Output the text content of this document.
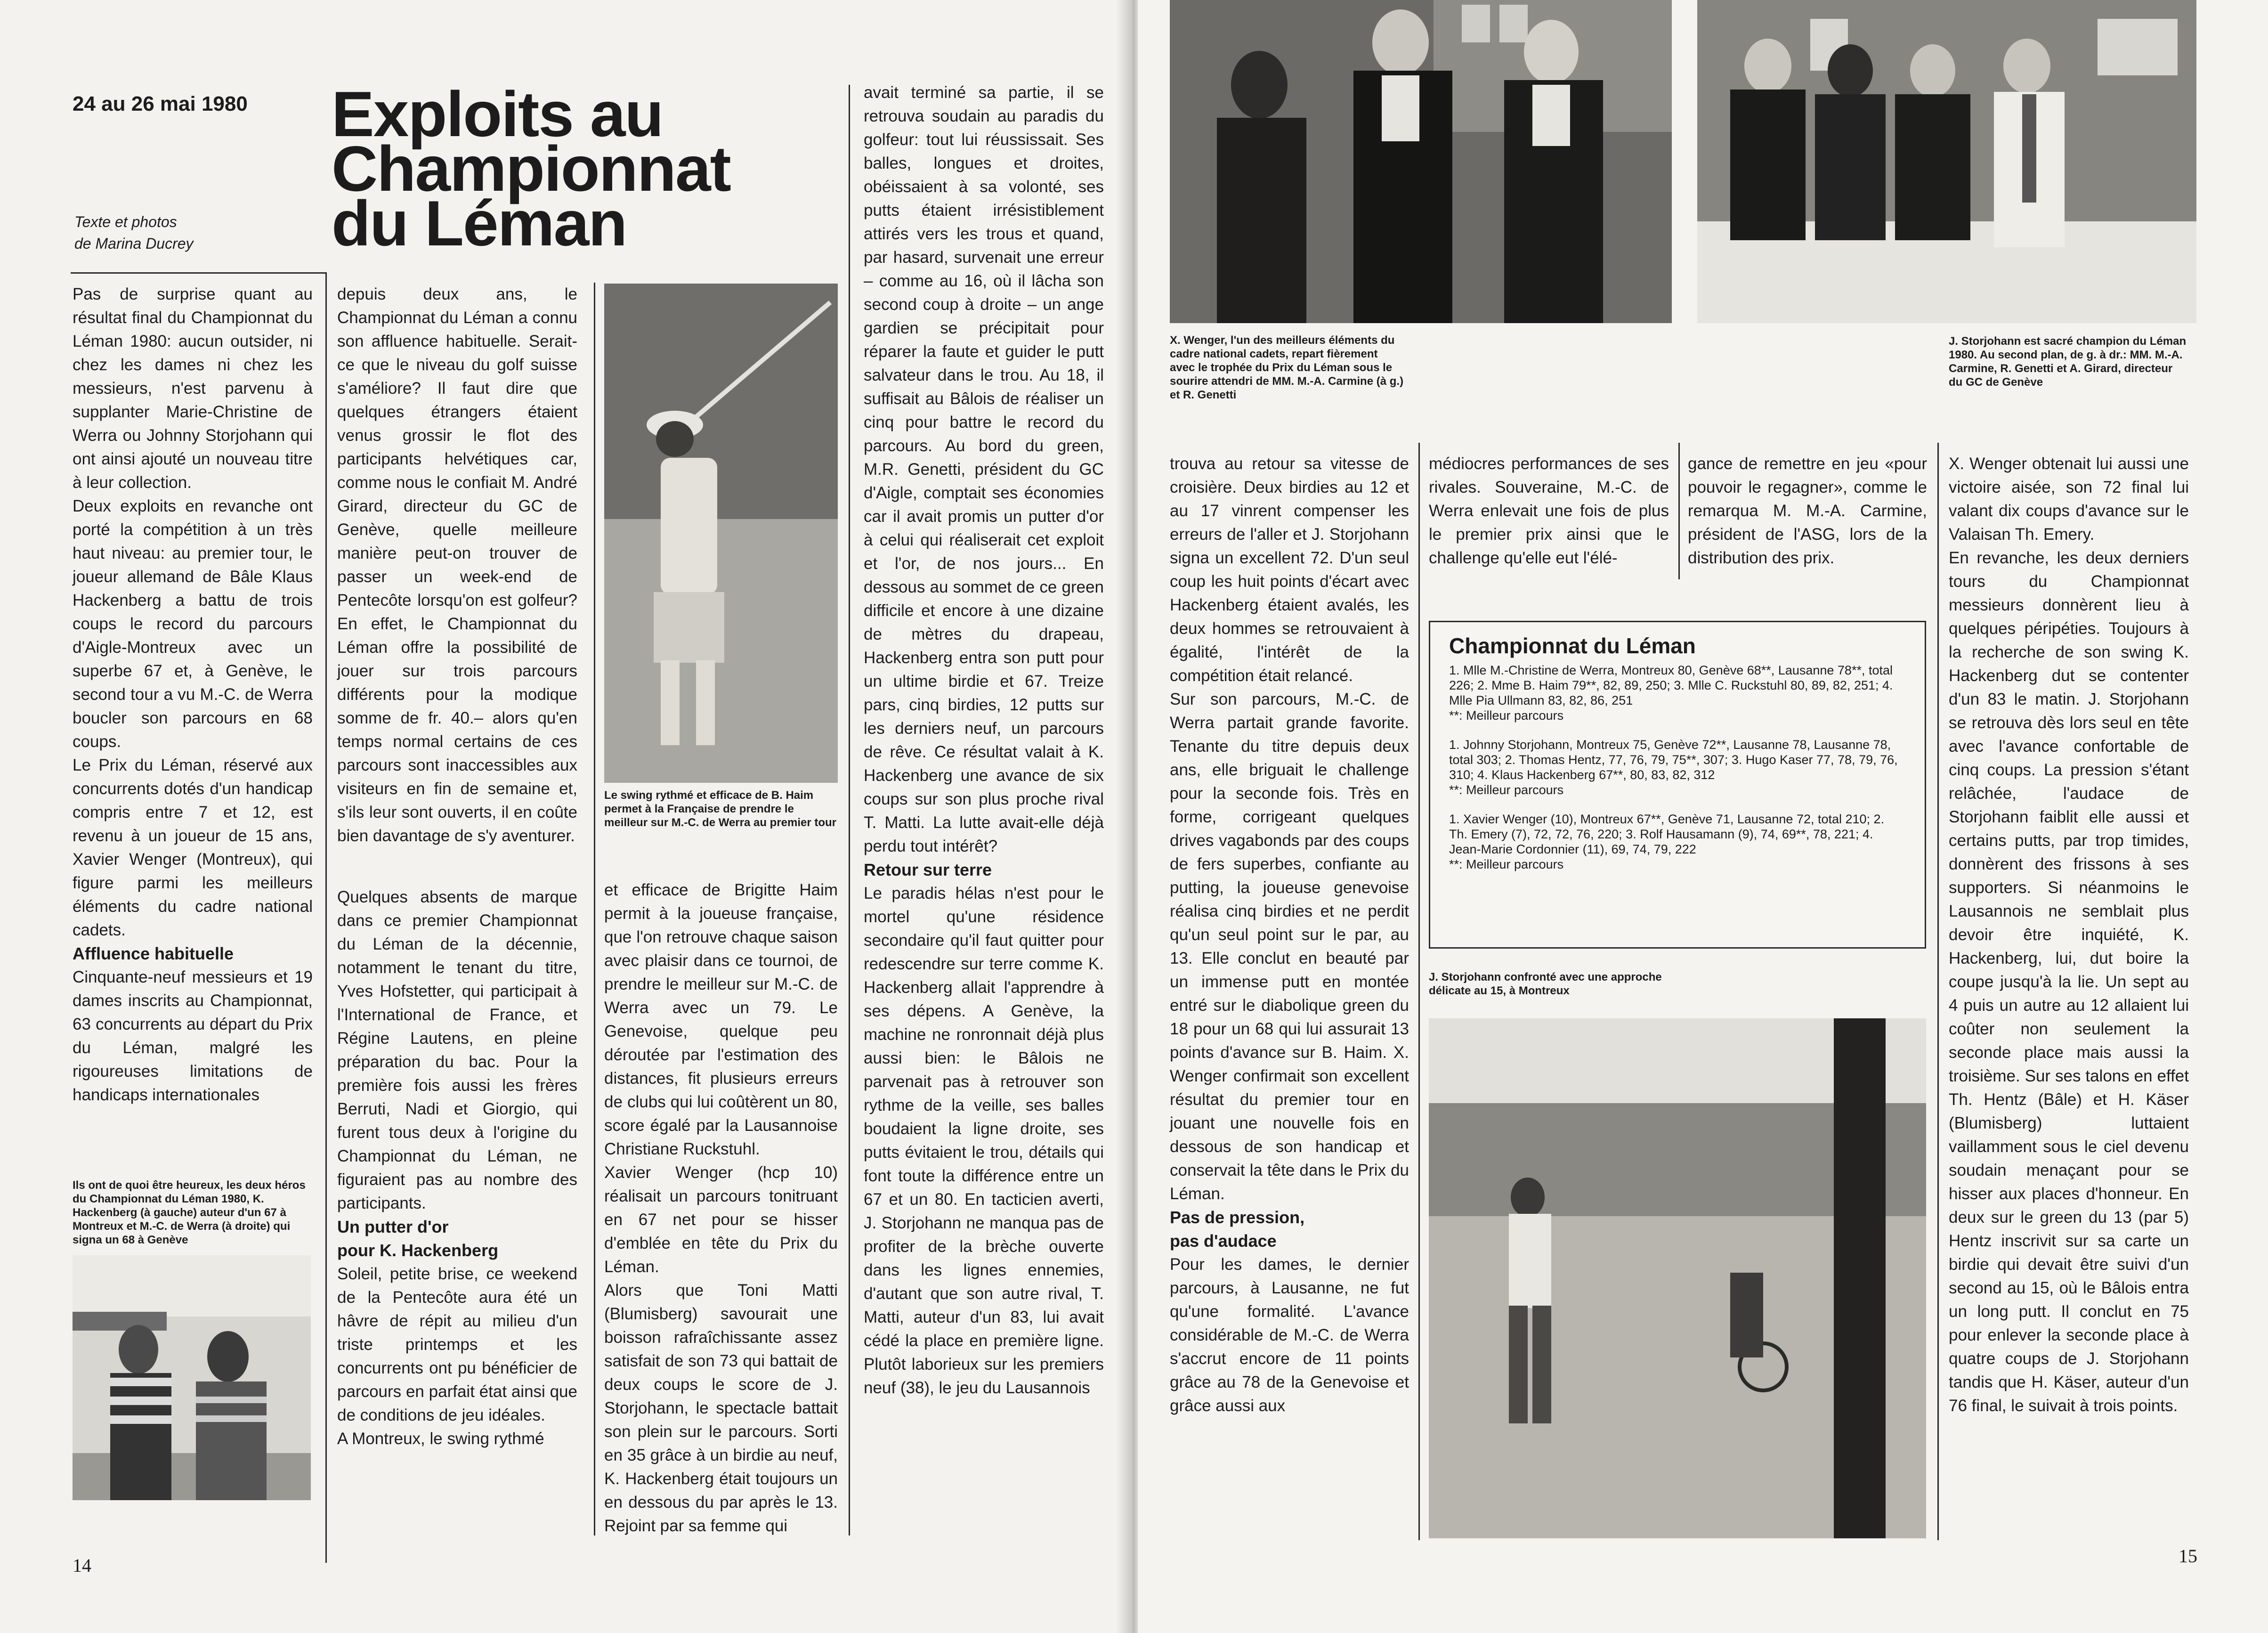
24 au 26 mai 1980 Exploits au
Championnat
du Léman
Texte et photos
de Marina Ducrey

Pas de surprise quant au résultat final du Championnat du Léman 1980: aucun outsider, ni chez les dames ni chez les messieurs, n'est parvenu à supplanter Marie-Christine de Werra ou Johnny Storjohann qui ont ainsi ajouté un nouveau titre à leur collection.

Deux exploits en revanche ont porté la compétition à un très haut niveau: au premier tour, le joueur allemand de Bâle Klaus Hackenberg a battu de trois coups le record du parcours d'Aigle-Montreux avec un superbe 67 et, à Genève, le second tour a vu M.-C. de Werra boucler son parcours en 68 coups.

Le Prix du Léman, réservé aux concurrents dotés d'un handicap compris entre 7 et 12, est revenu à un joueur de 15 ans, Xavier Wenger (Montreux), qui figure parmi les meilleurs éléments du cadre national cadets.

Affluence habituelle

Cinquante-neuf messieurs et 19 dames inscrits au Championnat, 63 concurrents au départ du Prix du Léman, malgré les rigoureuses limitations de handicaps internationales

Ils ont de quoi être heureux, les deux héros du Championnat du Léman 1980, K. Hackenberg (à gauche) auteur d'un 67 à Montreux et M.-C. de Werra (à droite) qui signa un 68 à Genève

depuis deux ans, le Championnat du Léman a connu son affluence habituelle. Serait-ce que le niveau du golf suisse s'améliore? Il faut dire que quelques étrangers étaient venus grossir le flot des participants helvétiques car, comme nous le confiait M. André Girard, directeur du GC de Genève, quelle meilleure manière peut-on trouver de passer un week-end de Pentecôte lorsqu'on est golfeur? En effet, le Championnat du Léman offre la possibilité de jouer sur trois parcours différents pour la modique somme de fr. 40.– alors qu'en temps normal certains de ces parcours sont inaccessibles aux visiteurs en fin de semaine et, s'ils leur sont ouverts, il en coûte bien davantage de s'y aventurer.

Quelques absents de marque dans ce premier Championnat du Léman de la décennie, notamment le tenant du titre, Yves Hofstetter, qui participait à l'International de France, et Régine Lautens, en pleine préparation du bac. Pour la première fois aussi les frères Berruti, Nadi et Giorgio, qui furent tous deux à l'origine du Championnat du Léman, ne figuraient pas au nombre des participants.

Un putter d'or

pour K. Hackenberg

Soleil, petite brise, ce weekend de la Pentecôte aura été un hâvre de répit au milieu d'un triste printemps et les concurrents ont pu bénéficier de parcours en parfait état ainsi que de conditions de jeu idéales.

A Montreux, le swing rythmé

Le swing rythmé et efficace de B. Haim permet à la Française de prendre le meilleur sur M.-C. de Werra au premier tour

et efficace de Brigitte Haim permit à la joueuse française, que l'on retrouve chaque saison avec plaisir dans ce tournoi, de prendre le meilleur sur M.-C. de Werra avec un 79. Le Genevoise, quelque peu déroutée par l'estimation des distances, fit plusieurs erreurs de clubs qui lui coûtèrent un 80, score égalé par la Lausannoise Christiane Ruckstuhl.

Xavier Wenger (hcp 10) réalisait un parcours tonitruant en 67 net pour se hisser d'emblée en tête du Prix du Léman.

Alors que Toni Matti (Blumisberg) savourait une boisson rafraîchissante assez satisfait de son 73 qui battait de deux coups le score de J. Storjohann, le spectacle battait son plein sur le parcours. Sorti en 35 grâce à un birdie au neuf, K. Hackenberg était toujours un en dessous du par après le 13. Rejoint par sa femme qui

avait terminé sa partie, il se retrouva soudain au paradis du golfeur: tout lui réussissait. Ses balles, longues et droites, obéissaient à sa volonté, ses putts étaient irrésistiblement attirés vers les trous et quand, par hasard, survenait une erreur – comme au 16, où il lâcha son second coup à droite – un ange gardien se précipitait pour réparer la faute et guider le putt salvateur dans le trou. Au 18, il suffisait au Bâlois de réaliser un cinq pour battre le record du parcours. Au bord du green, M.R. Genetti, président du GC d'Aigle, comptait ses économies car il avait promis un putter d'or à celui qui réaliserait cet exploit et l'or, de nos jours... En dessous au sommet de ce green difficile et encore à une dizaine de mètres du drapeau, Hackenberg entra son putt pour un ultime birdie et 67. Treize pars, cinq birdies, 12 putts sur les derniers neuf, un parcours de rêve. Ce résultat valait à K. Hackenberg une avance de six coups sur son plus proche rival T. Matti. La lutte avait-elle déjà perdu tout intérêt?

Retour sur terre

Le paradis hélas n'est pour le mortel qu'une résidence secondaire qu'il faut quitter pour redescendre sur terre comme K. Hackenberg allait l'apprendre à ses dépens. A Genève, la machine ne ronronnait déjà plus aussi bien: le Bâlois ne parvenait pas à retrouver son rythme de la veille, ses balles boudaient la ligne droite, ses putts évitaient le trou, détails qui font toute la différence entre un 67 et un 80. En tacticien averti, J. Storjohann ne manqua pas de profiter de la brèche ouverte dans les lignes ennemies, d'autant que son autre rival, T. Matti, auteur d'un 83, lui avait cédé la place en première ligne. Plutôt laborieux sur les premiers neuf (38), le jeu du Lausannois

14
X. Wenger, l'un des meilleurs éléments du cadre national cadets, repart fièrement avec le trophée du Prix du Léman sous le sourire attendri de MM. M.-A. Carmine (à g.) et R. Genetti
J. Storjohann est sacré champion du Léman 1980. Au second plan, de g. à dr.: MM. M.-A. Carmine, R. Genetti et A. Girard, directeur du GC de Genève

trouva au retour sa vitesse de croisière. Deux birdies au 12 et au 17 vinrent compenser les erreurs de l'aller et J. Storjohann signa un excellent 72. D'un seul coup les huit points d'écart avec Hackenberg étaient avalés, les deux hommes se retrouvaient à égalité, l'intérêt de la compétition était relancé.

Sur son parcours, M.-C. de Werra partait grande favorite. Tenante du titre depuis deux ans, elle briguait le challenge pour la seconde fois. Très en forme, corrigeant quelques drives vagabonds par des coups de fers superbes, confiante au putting, la joueuse genevoise réalisa cinq birdies et ne perdit qu'un seul point sur le par, au 13. Elle conclut en beauté par un immense putt en montée entré sur le diabolique green du 18 pour un 68 qui lui assurait 13 points d'avance sur B. Haim. X. Wenger confirmait son excellent résultat du premier tour en jouant une nouvelle fois en dessous de son handicap et conservait la tête dans le Prix du Léman.

Pas de pression,

pas d'audace

Pour les dames, le dernier parcours, à Lausanne, ne fut qu'une formalité. L'avance considérable de M.-C. de Werra s'accrut encore de 11 points grâce au 78 de la Genevoise et grâce aussi aux

médiocres performances de ses rivales. Souveraine, M.-C. de Werra enlevait une fois de plus le premier prix ainsi que le challenge qu'elle eut l'élé-
gance de remettre en jeu «pour pouvoir le regagner», comme le remarqua M. M.-A. Carmine, président de l'ASG, lors de la distribution des prix.
Championnat du Léman

1. Mlle M.-Christine de Werra, Montreux 80, Genève 68**, Lausanne 78**, total 226; 2. Mme B. Haim 79**, 82, 89, 250; 3. Mlle C. Ruckstuhl 80, 89, 82, 251; 4. Mlle Pia Ullmann 83, 82, 86, 251

**: Meilleur parcours

1. Johnny Storjohann, Montreux 75, Genève 72**, Lausanne 78, Lausanne 78, total 303; 2. Thomas Hentz, 77, 76, 79, 75**, 307; 3. Hugo Kaser 77, 78, 79, 76, 310; 4. Klaus Hackenberg 67**, 80, 83, 82, 312

**: Meilleur parcours

1. Xavier Wenger (10), Montreux 67**, Genève 71, Lausanne 72, total 210; 2. Th. Emery (7), 72, 72, 76, 220; 3. Rolf Hausamann (9), 74, 69**, 78, 221; 4. Jean-Marie Cordonnier (11), 69, 74, 79, 222

**: Meilleur parcours

J. Storjohann confronté avec une approche délicate au 15, à Montreux

X. Wenger obtenait lui aussi une victoire aisée, son 72 final lui valant dix coups d'avance sur le Valaisan Th. Emery.

En revanche, les deux derniers tours du Championnat messieurs donnèrent lieu à quelques péripéties. Toujours à la recherche de son swing K. Hackenberg dut se contenter d'un 83 le matin. J. Storjohann se retrouva dès lors seul en tête avec l'avance confortable de cinq coups. La pression s'étant relâchée, l'audace de Storjohann faiblit elle aussi et certains putts, par trop timides, donnèrent des frissons à ses supporters. Si néanmoins le Lausannois ne semblait plus devoir être inquiété, K. Hackenberg, lui, dut boire la coupe jusqu'à la lie. Un sept au 4 puis un autre au 12 allaient lui coûter non seulement la seconde place mais aussi la troisième. Sur ses talons en effet Th. Hentz (Bâle) et H. Käser (Blumisberg) luttaient vaillamment sous le ciel devenu soudain menaçant pour se hisser aux places d'honneur. En deux sur le green du 13 (par 5) Hentz inscrivit sur sa carte un birdie qui devait être suivi d'un second au 15, où le Bâlois entra un long putt. Il conclut en 75 pour enlever la seconde place à quatre coups de J. Storjohann tandis que H. Käser, auteur d'un 76 final, le suivait à trois points.

15
